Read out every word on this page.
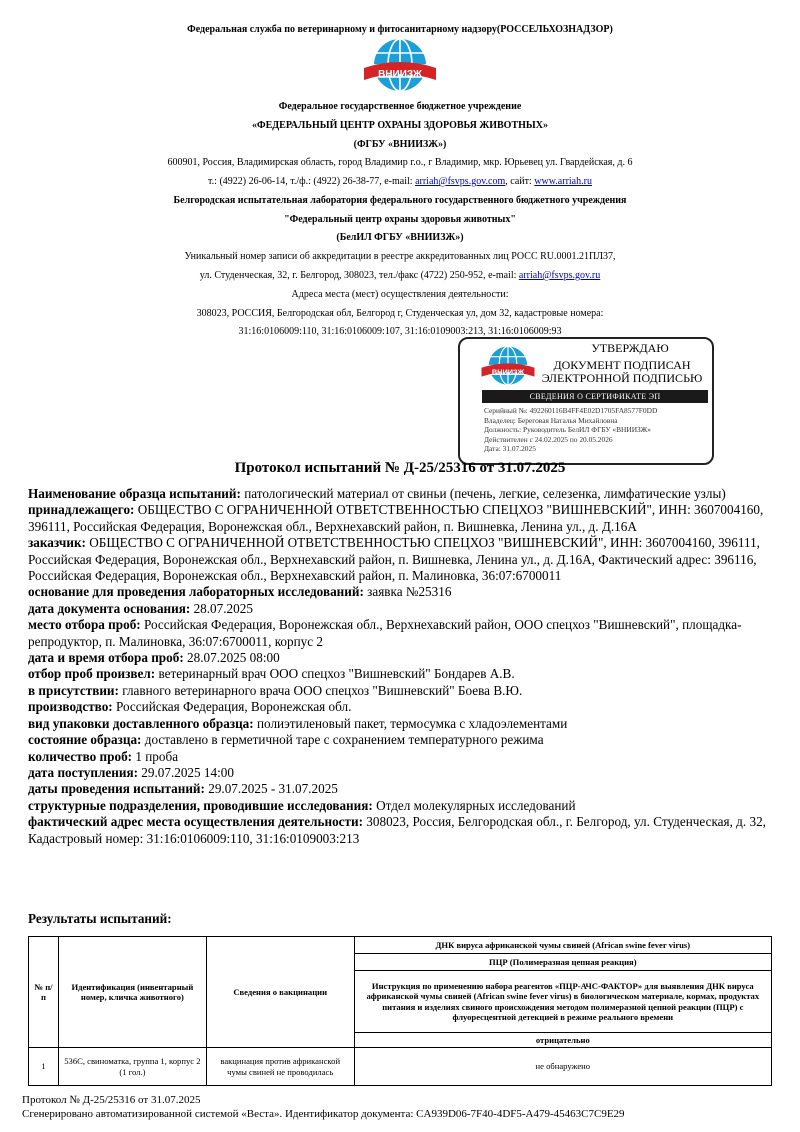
Федеральная служба по ветеринарному и фитосанитарному надзору(РОССЕЛЬХОЗНАДЗОР)
ВНИИЗЖ
Федеральное государственное бюджетное учреждение
«ФЕДЕРАЛЬНЫЙ ЦЕНТР ОХРАНЫ ЗДОРОВЬЯ ЖИВОТНЫХ»
(ФГБУ «ВНИИЗЖ»)
600901, Россия, Владимирская область, город Владимир г.о., г Владимир, мкр. Юрьевец ул. Гвардейская, д. 6
т.: (4922) 26-06-14, т./ф.: (4922) 26-38-77, e-mail: arriah@fsvps.gov.com, сайт: www.arriah.ru
Белгородская испытательная лаборатория федерального государственного бюджетного учреждения
"Федеральный центр охраны здоровья животных"
(БелИЛ ФГБУ «ВНИИЗЖ»)
Уникальный номер записи об аккредитации в реестре аккредитованных лиц РОСС RU.0001.21ПЛ37,
ул. Студенческая, 32, г. Белгород, 308023, тел./факс (4722) 250-952, e-mail: arriah@fsvps.gov.ru
Адреса места (мест) осуществления деятельности:
308023, РОССИЯ, Белгородская обл, Белгород г, Студенческая ул, дом 32, кадастровые номера:
31:16:0106009:110, 31:16:0106009:107, 31:16:0109003:213, 31:16:0106009:93
ВНИИЗЖ
УТВЕРЖДАЮ
ДОКУМЕНТ ПОДПИСАН
ЭЛЕКТРОННОЙ ПОДПИСЬЮ
СВЕДЕНИЯ О СЕРТИФИКАТЕ ЭП
Серийный №: 492260116B4FF4E02D1705FA8577F0DD
Владелец: Береговая Наталья Михайловна
Должность: Руководитель БелИЛ ФГБУ «ВНИИЗЖ»
Действителен с 24.02.2025 по 20.05.2026
Дата: 31.07.2025
Протокол испытаний № Д-25/25316 от 31.07.2025

Наименование образца испытаний: патологический материал от свиньи (печень, легкие, селезенка, лимфатические узлы)

принадлежащего: ОБЩЕСТВО С ОГРАНИЧЕННОЙ ОТВЕТСТВЕННОСТЬЮ СПЕЦХОЗ "ВИШНЕВСКИЙ", ИНН: 3607004160, 396111, Российская Федерация, Воронежская обл., Верхнехавский район, п. Вишневка, Ленина ул., д. Д.16А

заказчик: ОБЩЕСТВО С ОГРАНИЧЕННОЙ ОТВЕТСТВЕННОСТЬЮ СПЕЦХОЗ "ВИШНЕВСКИЙ", ИНН: 3607004160, 396111, Российская Федерация, Воронежская обл., Верхнехавский район, п. Вишневка, Ленина ул., д. Д.16А, Фактический адрес: 396116, Российская Федерация, Воронежская обл., Верхнехавский район, п. Малиновка, 36:07:6700011

основание для проведения лабораторных исследований: заявка №25316

дата документа основания: 28.07.2025

место отбора проб: Российская Федерация, Воронежская обл., Верхнехавский район, ООО спецхоз "Вишневский", площадка-репродуктор, п. Малиновка, 36:07:6700011, корпус 2

дата и время отбора проб: 28.07.2025 08:00

отбор проб произвел: ветеринарный врач ООО спецхоз "Вишневский" Бондарев А.В.

в присутствии: главного ветеринарного врача ООО спецхоз "Вишневский" Боева В.Ю.

производство: Российская Федерация, Воронежская обл.

вид упаковки доставленного образца: полиэтиленовый пакет, термосумка с хладоэлементами

состояние образца: доставлено в герметичной таре с сохранением температурного режима

количество проб: 1 проба

дата поступления: 29.07.2025 14:00

даты проведения испытаний: 29.07.2025 - 31.07.2025

структурные подразделения, проводившие исследования: Отдел молекулярных исследований

фактический адрес места осуществления деятельности: 308023, Россия, Белгородская обл., г. Белгород, ул. Студенческая, д. 32, Кадастровый номер: 31:16:0106009:110, 31:16:0109003:213

Результаты испытаний:
№ п/п	Идентификация (инвентарный номер, кличка животного)	Сведения о вакцинации	ДНК вируса африканской чумы свиней (African swine fever virus)
			ПЦР (Полимеразная цепная реакция)
			Инструкция по применению набора реагентов «ПЦР-АЧС-ФАКТОР» для выявления ДНК вируса африканской чумы свиней (African swine fever virus) в биологическом материале, кормах, продуктах питания и изделиях свиного происхождения методом полимеразной цепной реакции (ПЦР) с флуоресцентной детекцией в режиме реального времени
			отрицательно
1	536С, свиноматка, группа 1, корпус 2 (1 гол.)	вакцинация против африканской чумы свиней не проводилась	не обнаружено
Протокол № Д-25/25316 от 31.07.2025
Сгенерировано автоматизированной системой «Веста». Идентификатор документа: CA939D06-7F40-4DF5-A479-45463C7C9E29
